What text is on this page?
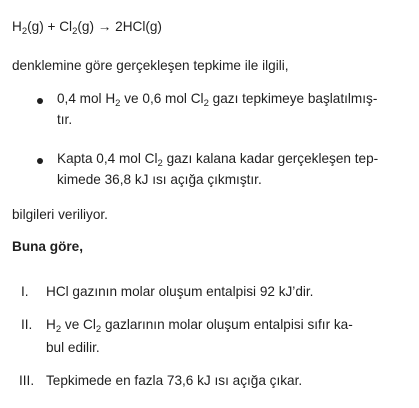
$H_2(g) + Cl_2(g) \to 2HCl(g)$
denklemine göre gerçekleşen tepkime ile ilgili,
0,4 mol $H_2$ ve 0,6 mol $Cl_2$ gazı tepkimeye başlatılmış-
tır.
Kapta 0,4 mol $Cl_2$ gazı kalana kadar gerçekleşen tep-
kimede 36,8 kJ ısı açığa çıkmıştır.
bilgileri veriliyor.
Buna göre,
I. HCl gazının molar oluşum entalpisi 92 kJ’dir.
II. $H_2$ ve $Cl_2$ gazlarının molar oluşum entalpisi sıfır ka-
bul edilir.
III. Tepkimede en fazla 73,6 kJ ısı açığa çıkar.
